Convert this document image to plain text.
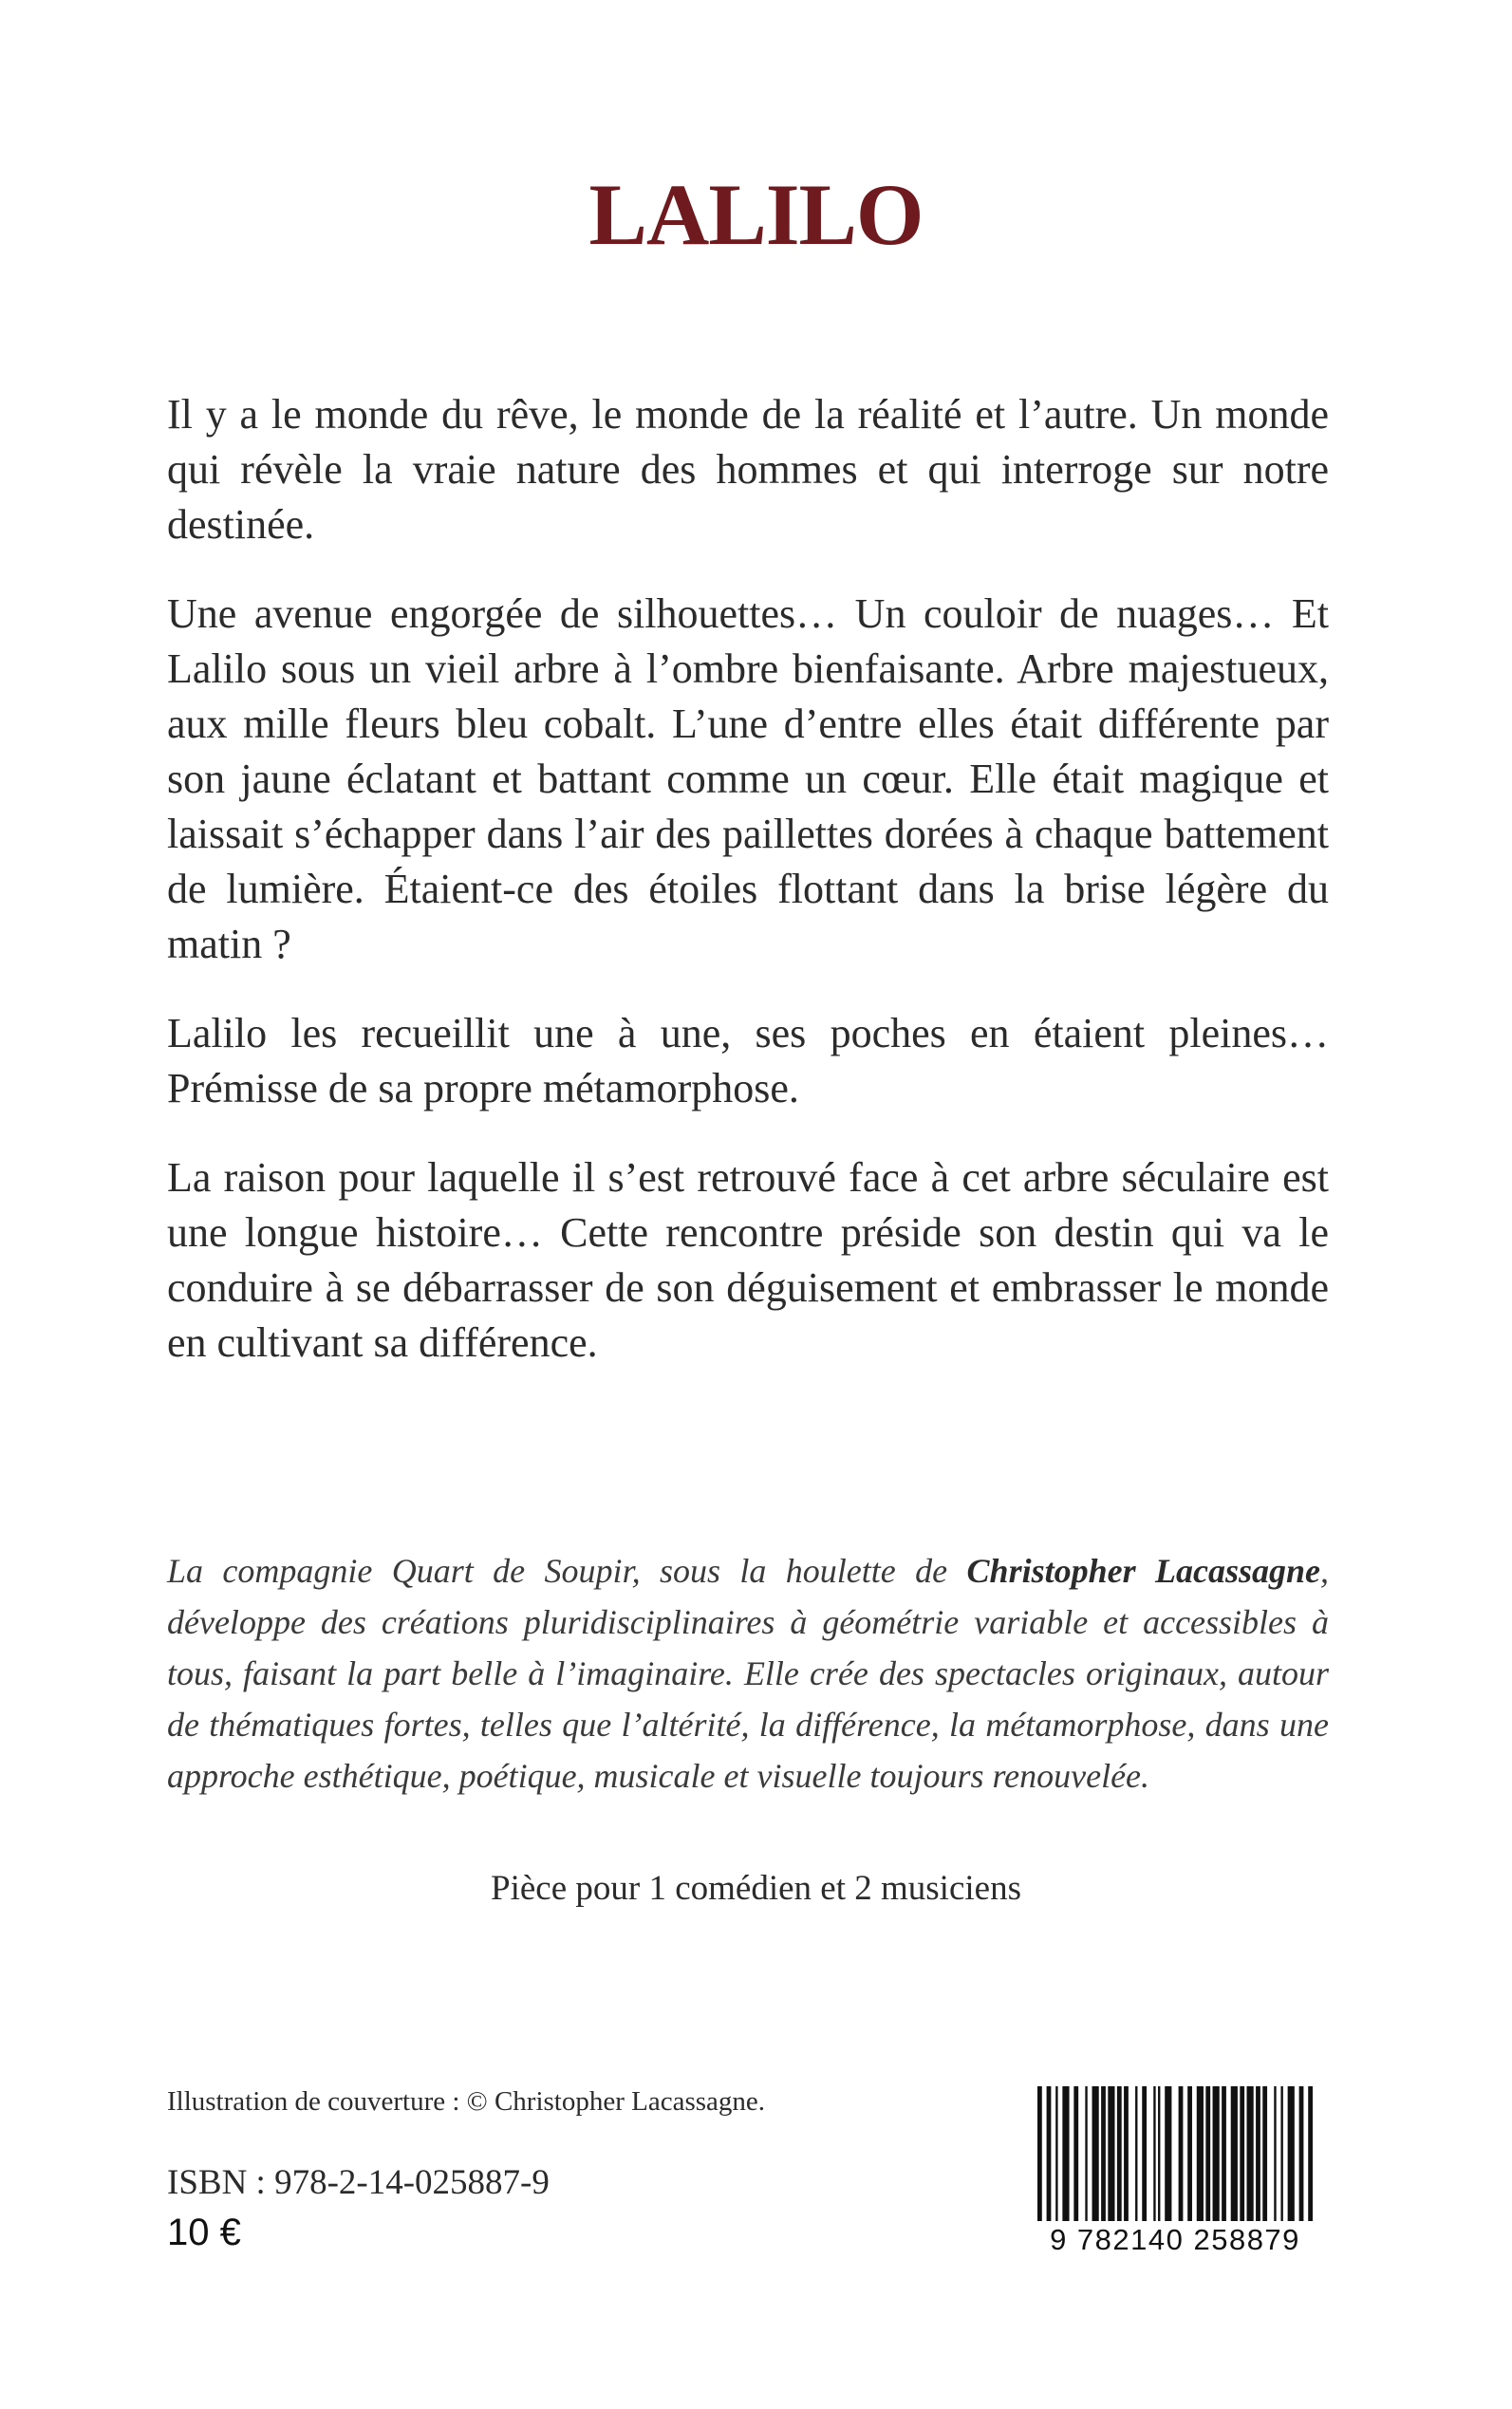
LALILO

Il y a le monde du rêve, le monde de la réalité et l’autre. Un monde qui révèle la vraie nature des hommes et qui interroge sur notre destinée.

Une avenue engorgée de silhouettes… Un couloir de nuages… Et Lalilo sous un vieil arbre à l’ombre bienfaisante. Arbre majestueux, aux mille fleurs bleu cobalt. L’une d’entre elles était différente par son jaune éclatant et battant comme un cœur. Elle était magique et laissait s’échapper dans l’air des paillettes dorées à chaque battement de lumière. Étaient-ce des étoiles flottant dans la brise légère du matin ?

Lalilo les recueillit une à une, ses poches en étaient pleines… Prémisse de sa propre métamorphose.

La raison pour laquelle il s’est retrouvé face à cet arbre séculaire est une longue histoire… Cette rencontre préside son destin qui va le conduire à se débarrasser de son déguisement et embrasser le monde en cultivant sa différence.

La compagnie Quart de Soupir, sous la houlette de Christopher Lacassagne, développe des créations pluridisciplinaires à géométrie variable et accessibles à tous, faisant la part belle à l’imaginaire. Elle crée des spectacles originaux, autour de thématiques fortes, telles que l’altérité, la différence, la métamorphose, dans une approche esthétique, poétique, musicale et visuelle toujours renouvelée.

Pièce pour 1 comédien et 2 musiciens
Illustration de couverture : © Christopher Lacassagne.
ISBN : 978-2-14-025887-9
10 €	9 782140 258879
